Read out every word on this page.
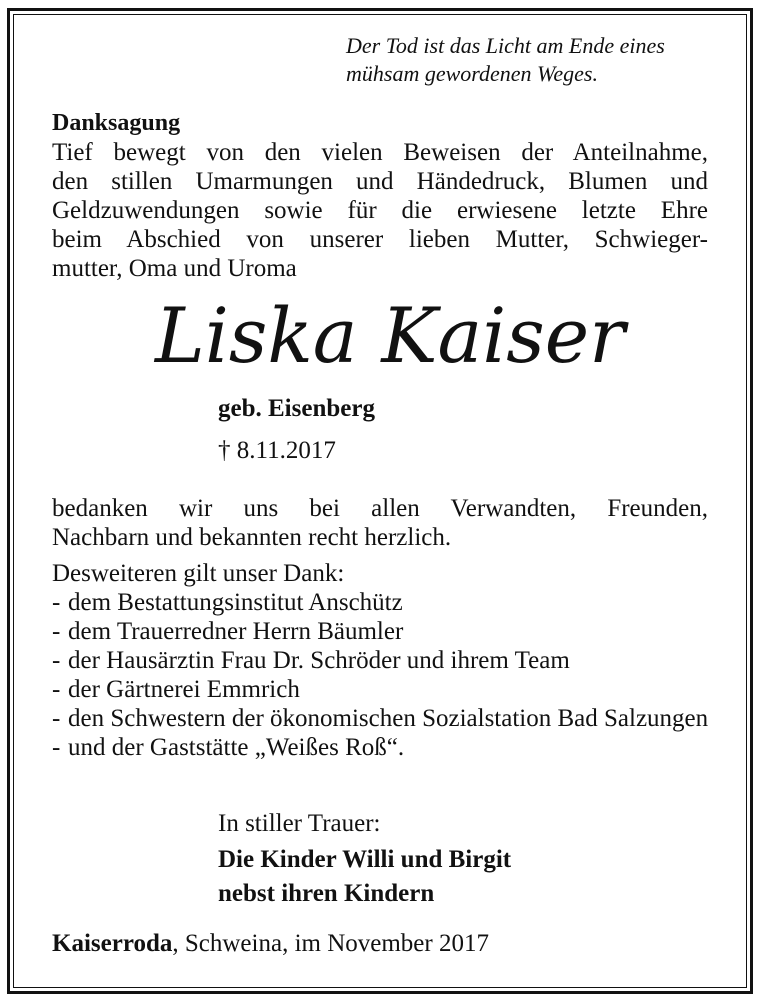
Der Tod ist das Licht am Ende eines
mühsam gewordenen Weges.
Danksagung
Tief bewegt von den vielen Beweisen der Anteilnahme,
den stillen Umarmungen und Händedruck, Blumen und
Geldzuwendungen sowie für die erwiesene letzte Ehre
beim Abschied von unserer lieben Mutter, Schwieger-
mutter, Oma und Uroma
Liska Kaiser
geb. Eisenberg
† 8.11.2017
bedanken wir uns bei allen Verwandten, Freunden,
Nachbarn und bekannten recht herzlich.
Desweiteren gilt unser Dank:
- dem Bestattungsinstitut Anschütz
- dem Trauerredner Herrn Bäumler
- der Hausärztin Frau Dr. Schröder und ihrem Team
- der Gärtnerei Emmrich
- den Schwestern der ökonomischen Sozialstation Bad Salzungen
- und der Gaststätte „Weißes Roß“.
In stiller Trauer:
Die Kinder Willi und Birgit
nebst ihren Kindern
Kaiserroda, Schweina, im November 2017
